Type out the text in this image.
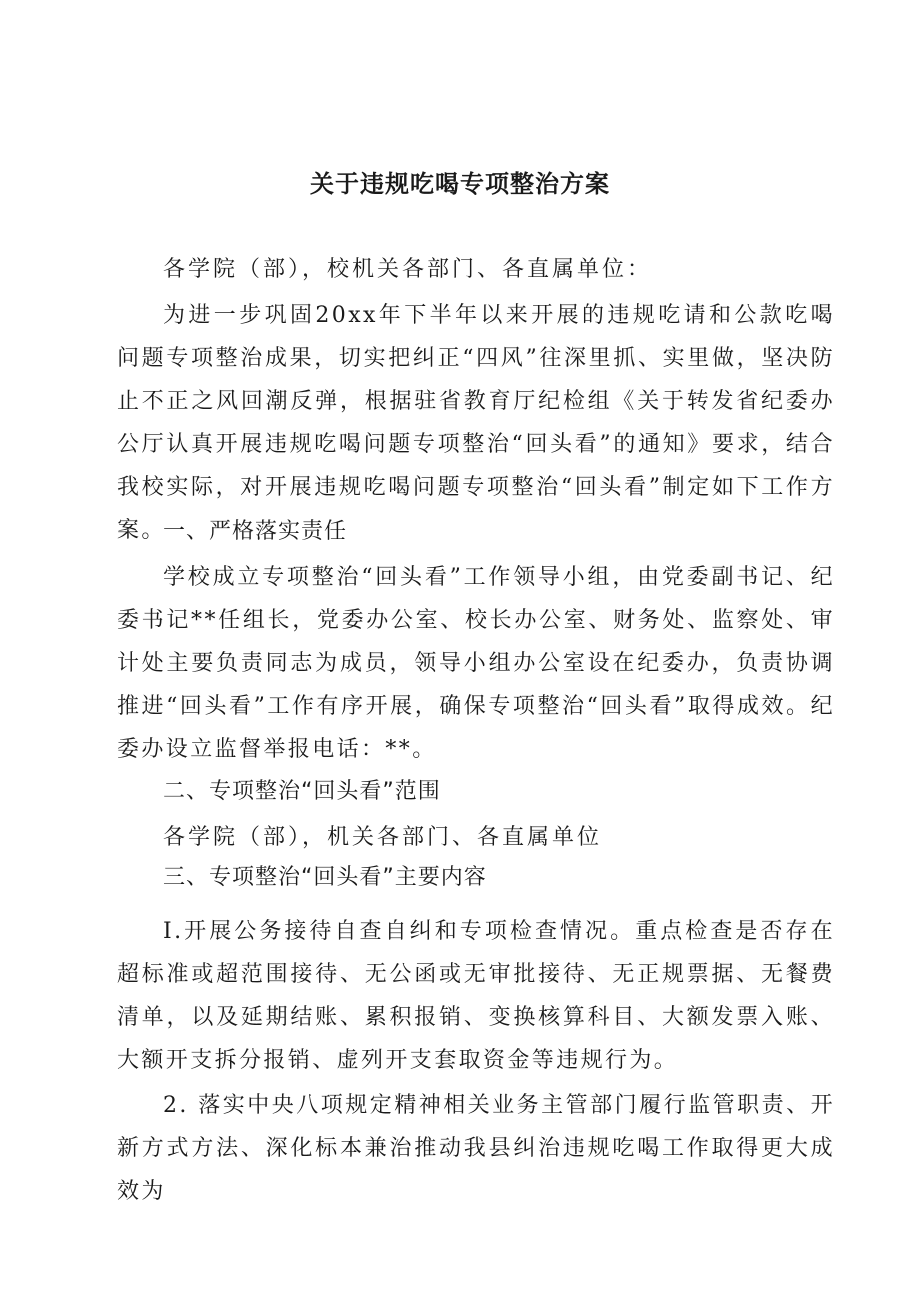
关于违规吃喝专项整治方案
各学院（部），校机关各部门、各直属单位：

为进一步巩固20xx年下半年以来开展的违规吃请和公款吃喝问题专项整治成果，切实把纠正“四风”往深里抓、实里做，坚决防止不正之风回潮反弹，根据驻省教育厅纪检组《关于转发省纪委办公厅认真开展违规吃喝问题专项整治“回头看”的通知》要求，结合我校实际，对开展违规吃喝问题专项整治“回头看”制定如下工作方案。

一、严格落实责任

学校成立专项整治“回头看”工作领导小组，由党委副书记、纪委书记**任组长，党委办公室、校长办公室、财务处、监察处、审计处主要负责同志为成员，领导小组办公室设在纪委办，负责协调推进“回头看”工作有序开展，确保专项整治“回头看”取得成效。纪委办设立监督举报电话：**。

二、专项整治“回头看”范围
各学院（部），机关各部门、各直属单位
三、专项整治“回头看”主要内容

I.开展公务接待自查自纠和专项检查情况。重点检查是否存在超标准或超范围接待、无公函或无审批接待、无正规票据、无餐费清单，以及延期结账、累积报销、变换核算科目、大额发票入账、大额开支拆分报销、虚列开支套取资金等违规行为。

2. 落实中央八项规定精神相关业务主管部门履行监管职责、开新方式方法、深化标本兼治推动我县纠治违规吃喝工作取得更大成效为
